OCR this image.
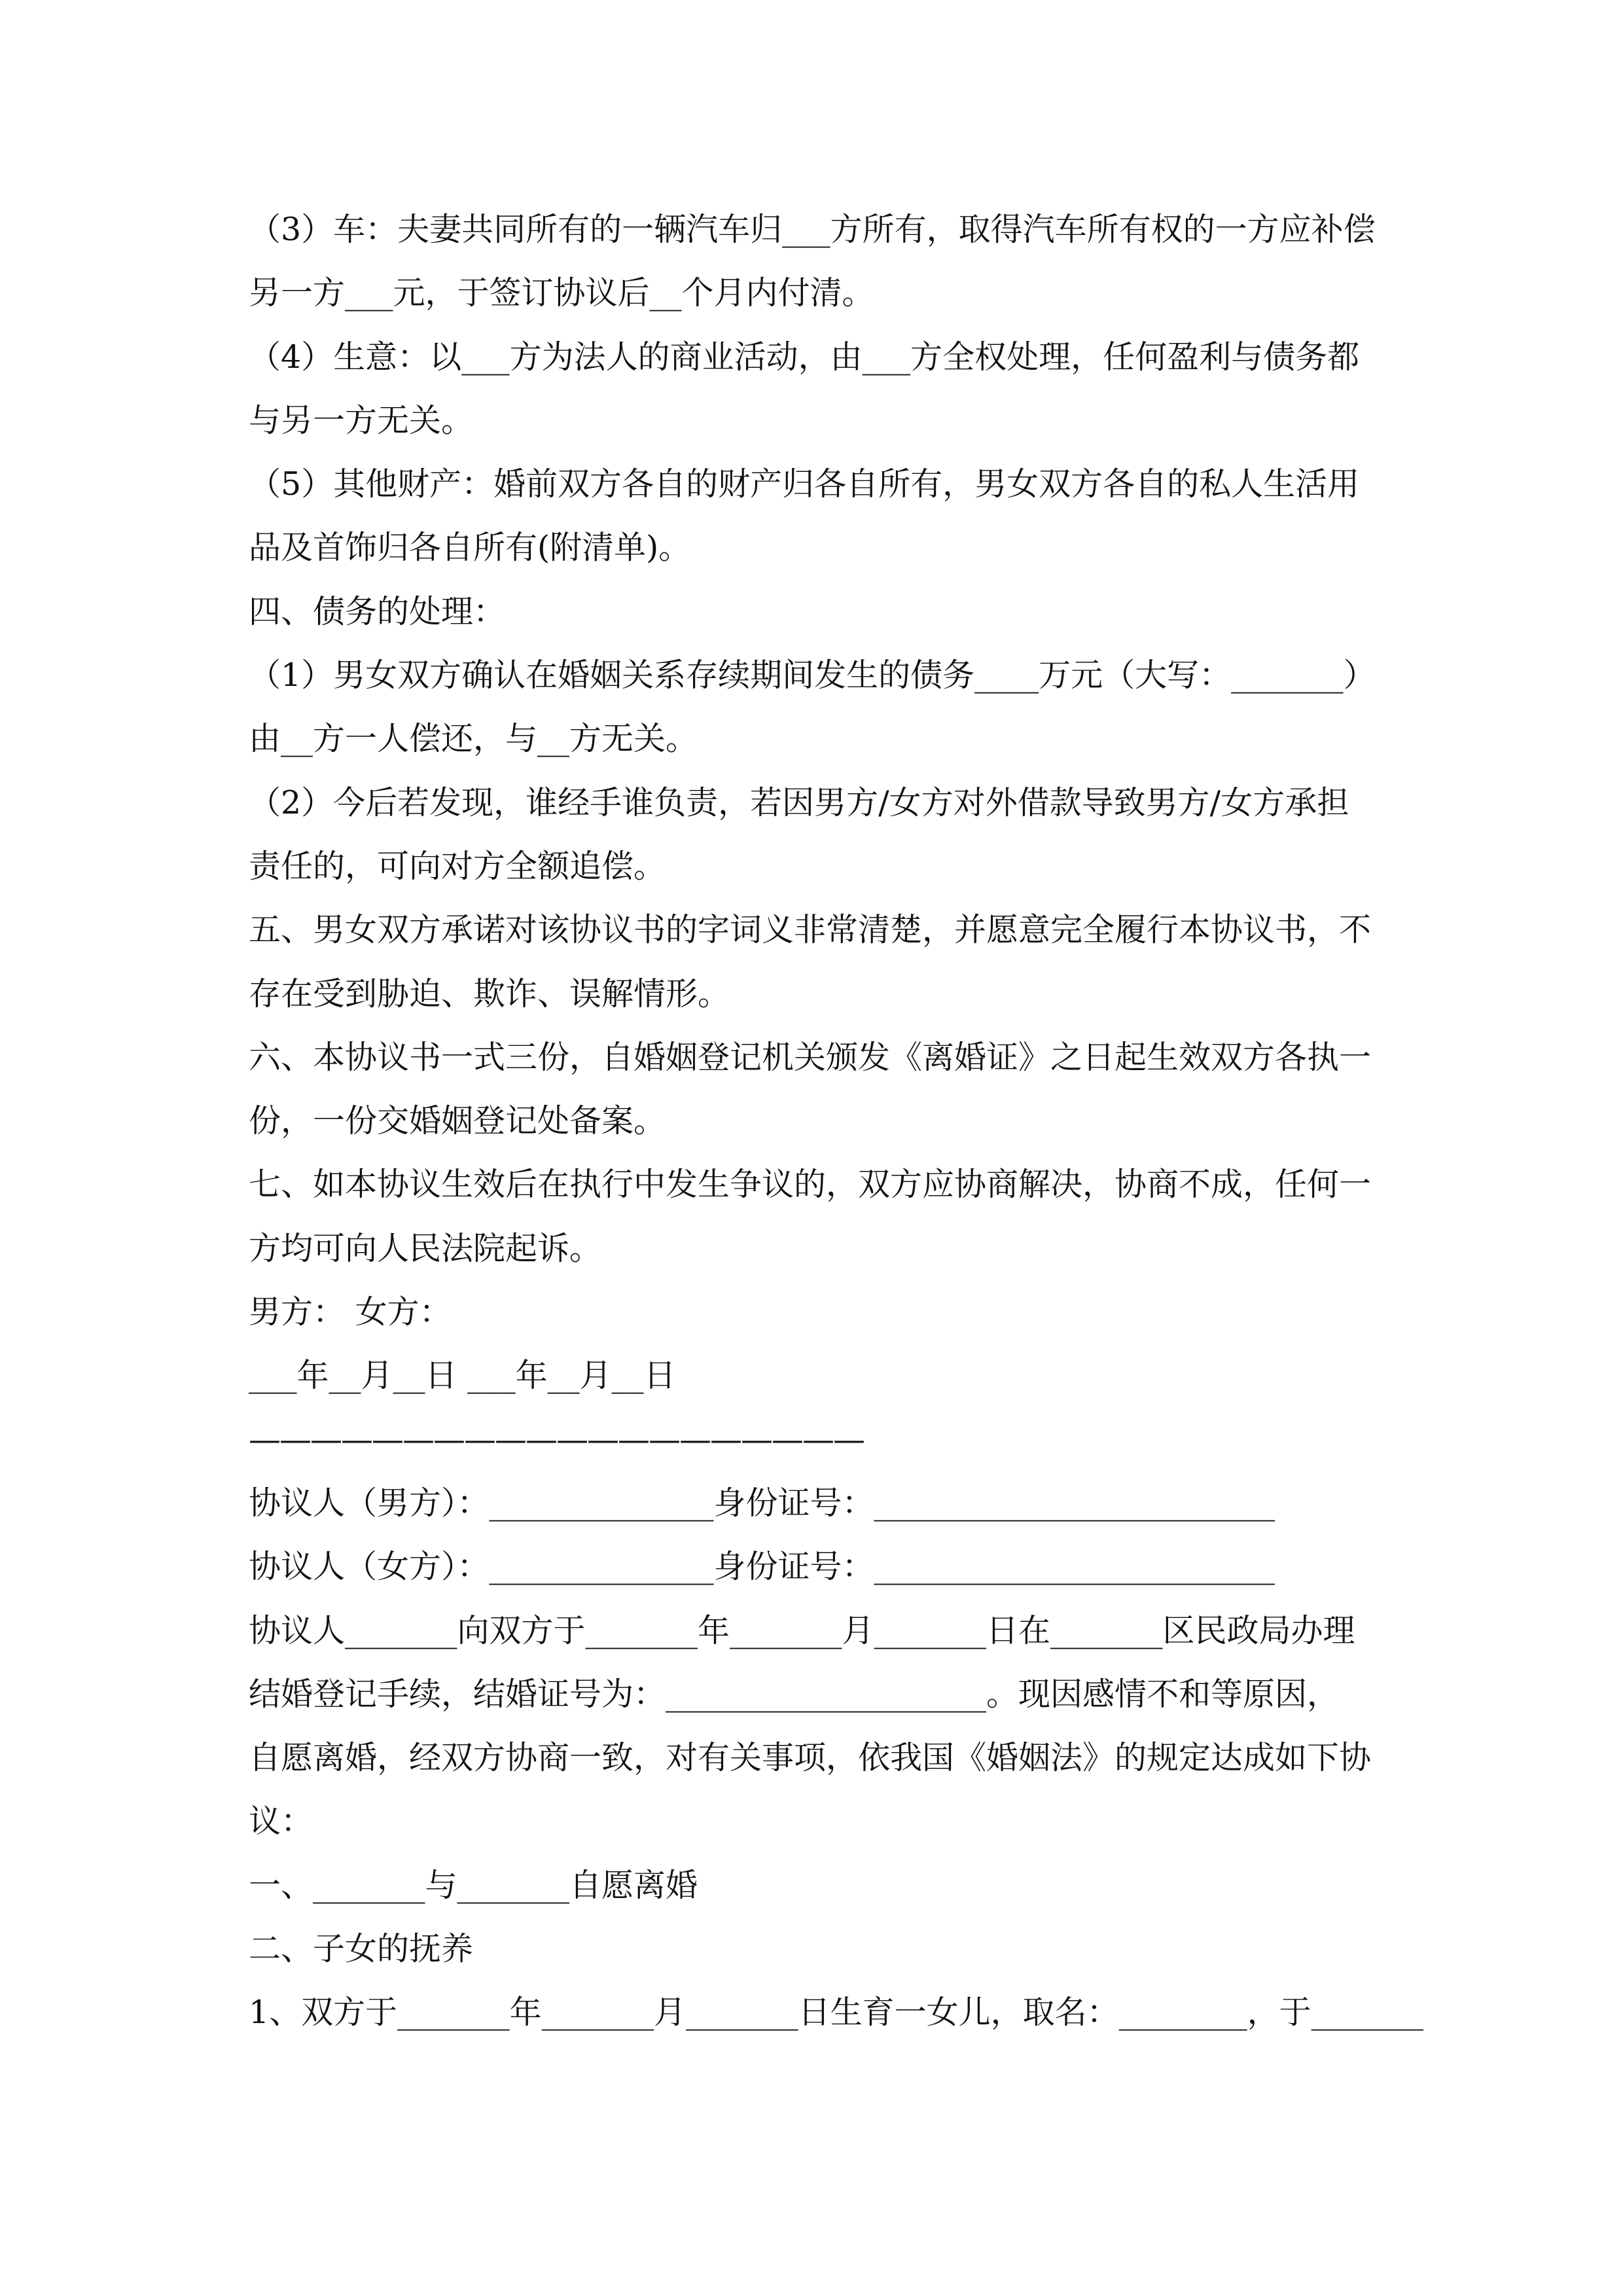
（3）车：夫妻共同所有的一辆汽车归___方所有，取得汽车所有权的一方应补偿
另一方___元，于签订协议后__个月内付清。
（4）生意：以___方为法人的商业活动，由___方全权处理，任何盈利与债务都
与另一方无关。
（5）其他财产：婚前双方各自的财产归各自所有，男女双方各自的私人生活用
品及首饰归各自所有(附清单)。
四、债务的处理：
（1）男女双方确认在婚姻关系存续期间发生的债务____万元（大写：_______）
由__方一人偿还，与__方无关。
（2）今后若发现，谁经手谁负责，若因男方/女方对外借款导致男方/女方承担
责任的，可向对方全额追偿。
五、男女双方承诺对该协议书的字词义非常清楚，并愿意完全履行本协议书，不
存在受到胁迫、欺诈、误解情形。
六、本协议书一式三份，自婚姻登记机关颁发《离婚证》之日起生效双方各执一
份，一份交婚姻登记处备案。
七、如本协议生效后在执行中发生争议的，双方应协商解决，协商不成，任何一
方均可向人民法院起诉。
男方： 女方：
___年__月__日 ___年__月__日
————————————————————
协议人（男方）：______________身份证号：_________________________
协议人（女方）：______________身份证号：_________________________
协议人_______向双方于_______年_______月_______日在_______区民政局办理
结婚登记手续，结婚证号为：____________________。现因感情不和等原因，
自愿离婚，经双方协商一致，对有关事项，依我国《婚姻法》的规定达成如下协
议：
一、_______与_______自愿离婚
二、子女的抚养
1、双方于_______年_______月_______日生育一女儿，取名：________，于_______
